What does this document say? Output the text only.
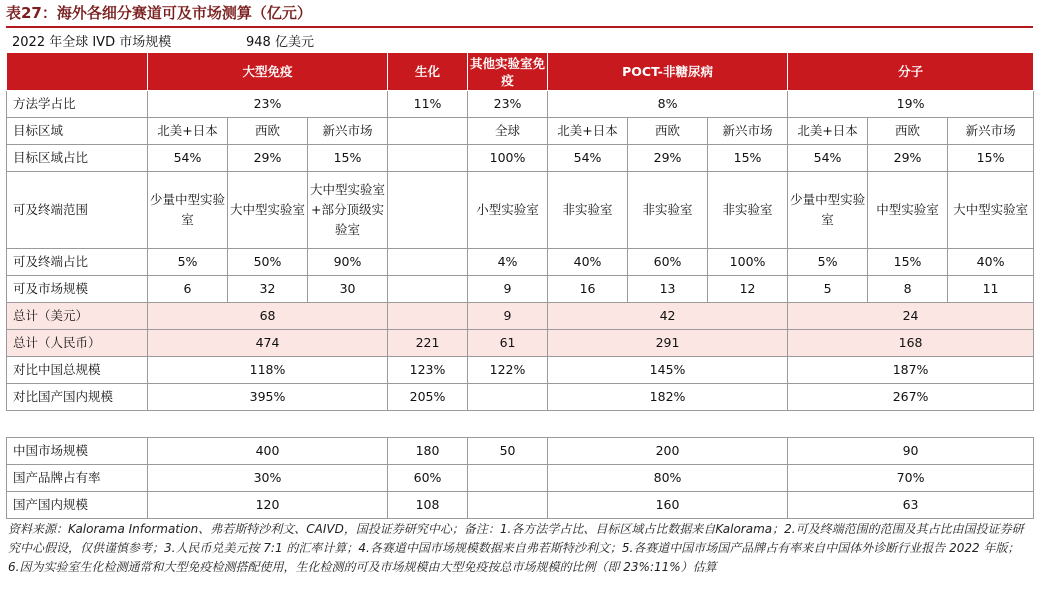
表27：海外各细分赛道可及市场测算（亿元）
2022 年全球 IVD 市场规模	948 亿美元
	大型免疫			生化	其他实验室免疫	POCT-非糖尿病			分子		
方法学占比	23%			11%	23%	8%			19%		
目标区域	北美+日本	西欧	新兴市场		全球	北美+日本	西欧	新兴市场	北美+日本	西欧	新兴市场
目标区域占比	54%	29%	15%		100%	54%	29%	15%	54%	29%	15%
可及终端范围	少量中型实验室	大中型实验室	大中型实验室+部分顶级实验室		小型实验室	非实验室	非实验室	非实验室	少量中型实验室	中型实验室	大中型实验室
可及终端占比	5%	50%	90%		4%	40%	60%	100%	5%	15%	40%
可及市场规模	6	32	30		9	16	13	12	5	8	11
总计（美元）	68				9	42			24		
总计（人民币）	474			221	61	291			168		
对比中国总规模	118%			123%	122%	145%			187%		
对比国产国内规模	395%			205%		182%			267%		

中国市场规模	400			180	50	200			90		
国产品牌占有率	30%			60%		80%			70%		
国产国内规模	120			108		160			63		
资料来源：Kalorama Information、弗若斯特沙利文、CAIVD，国投证券研究中心；备注：1.各方法学占比、目标区域占比数据来自Kalorama；2.可及终端范围的范围及其占比由国投证券研究中心假设，仅供谨慎参考；3.人民币兑美元按 7:1 的汇率计算；4.各赛道中国市场规模数据来自弗若斯特沙利文；5.各赛道中国市场国产品牌占有率来自中国体外诊断行业报告 2022 年版；6.因为实验室生化检测通常和大型免疫检测搭配使用，生化检测的可及市场规模由大型免疫按总市场规模的比例（即 23%:11%）估算
